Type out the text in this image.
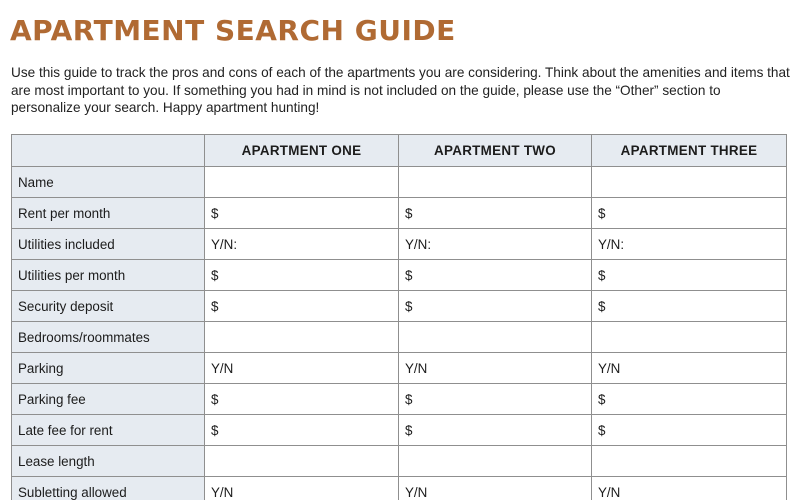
APARTMENT SEARCH GUIDE

Use this guide to track the pros and cons of each of the apartments you are considering. Think about the amenities and items that are most important to you. If something you had in mind is not included on the guide, please use the “Other” section to personalize your search. Happy apartment hunting!

	APARTMENT ONE	APARTMENT TWO	APARTMENT THREE
Name			
Rent per month	$	$	$
Utilities included	Y/N:	Y/N:	Y/N:
Utilities per month	$	$	$
Security deposit	$	$	$
Bedrooms/roommates			
Parking	Y/N	Y/N	Y/N
Parking fee	$	$	$
Late fee for rent	$	$	$
Lease length			
Subletting allowed	Y/N	Y/N	Y/N
